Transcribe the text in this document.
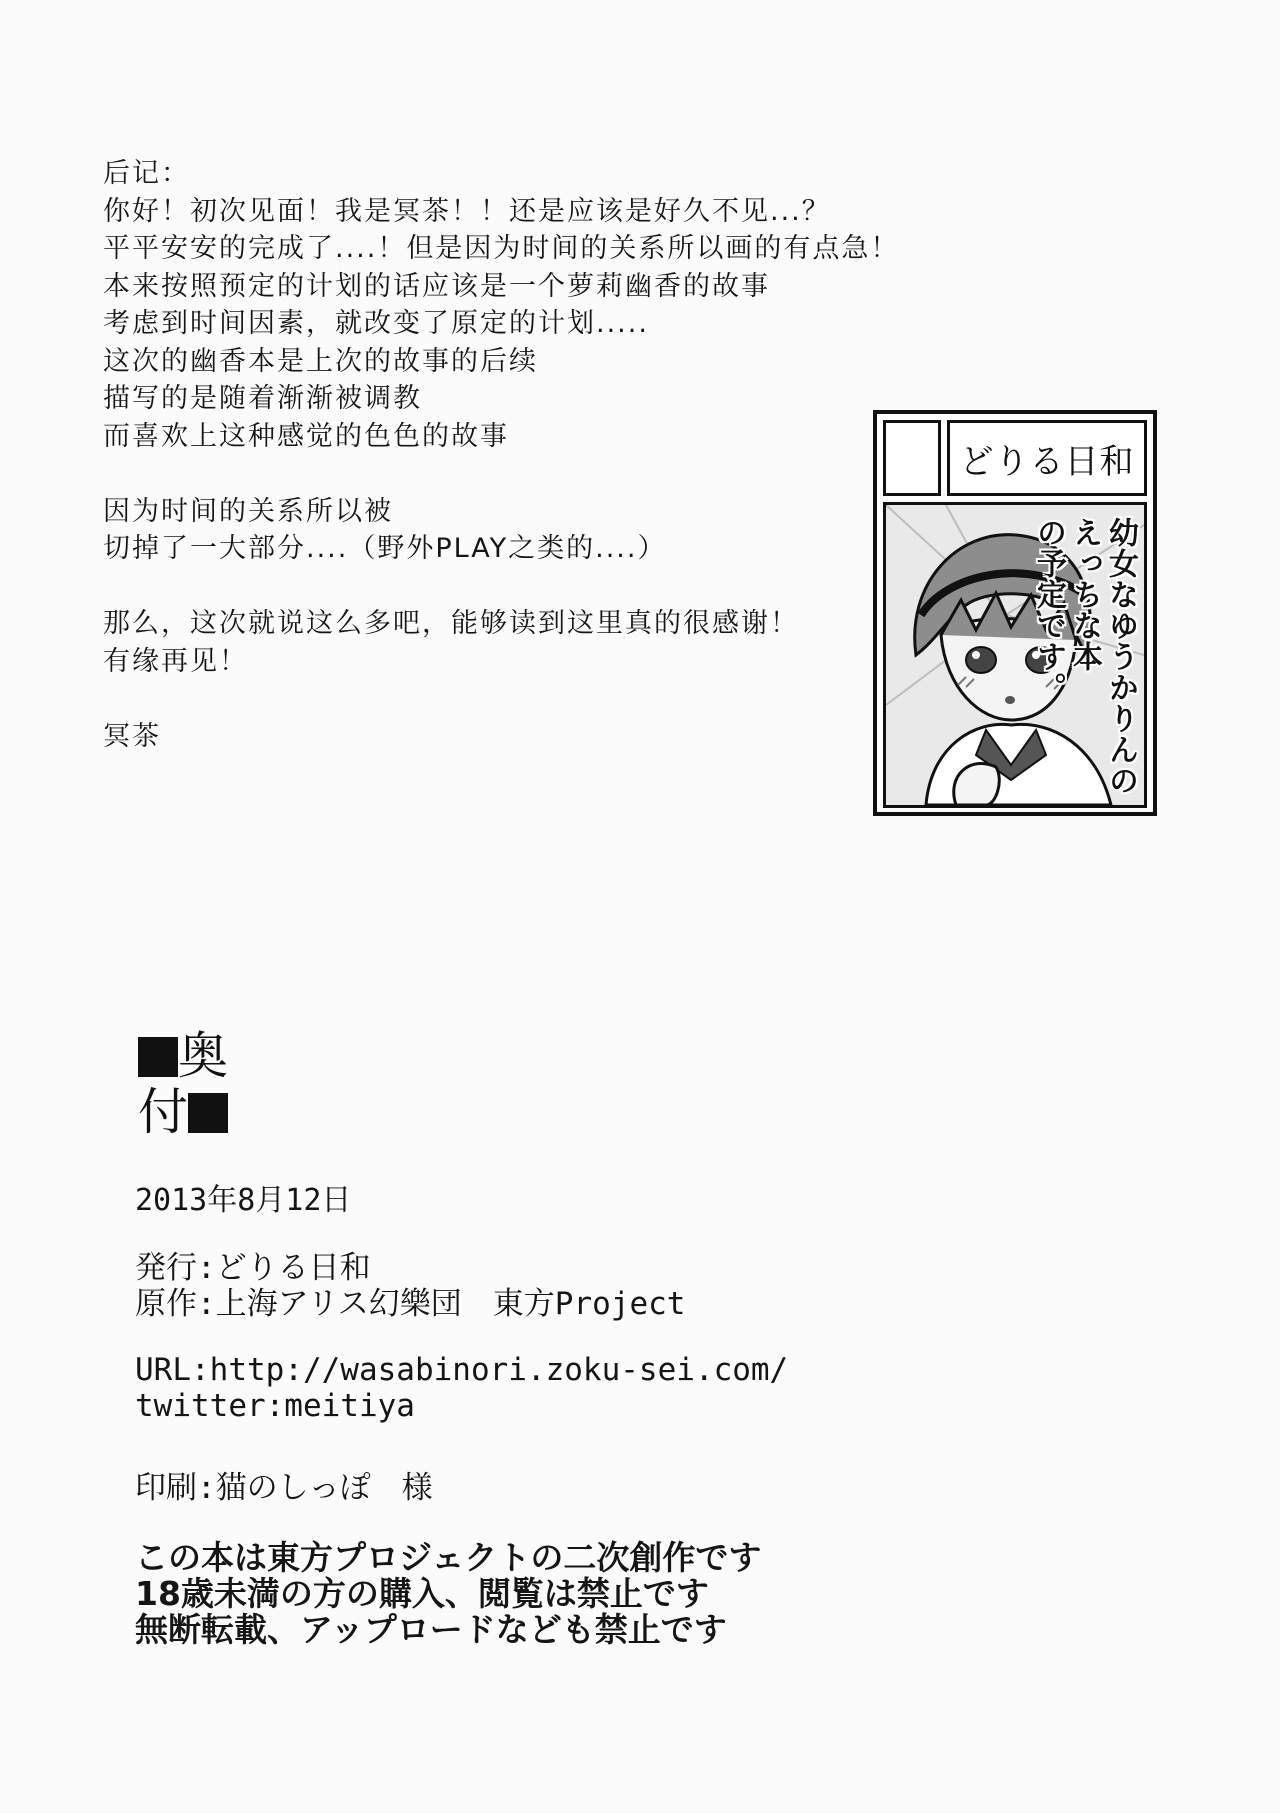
后记：
你好！初次见面！我是冥茶！！还是应该是好久不见...？
平平安安的完成了....！但是因为时间的关系所以画的有点急！
本来按照预定的计划的话应该是一个萝莉幽香的故事
考虑到时间因素，就改变了原定的计划.....
这次的幽香本是上次的故事的后续
描写的是随着渐渐被调教
而喜欢上这种感觉的色色的故事
因为时间的关系所以被
切掉了一大部分....（野外PLAY之类的....）
那么，这次就说这么多吧，能够读到这里真的很感谢！
有缘再见！
冥茶
どりる日和
幼女なゆうかりんの
えっちな本
の予定です。
奥
付
2013年8月12日
発行:どりる日和
原作:上海アリス幻樂団　東方Project
URL:http://wasabinori.zoku-sei.com/
twitter:meitiya
印刷:猫のしっぽ　様
この本は東方プロジェクトの二次創作です
18歳未満の方の購入、閲覧は禁止です
無断転載、アップロードなども禁止です
